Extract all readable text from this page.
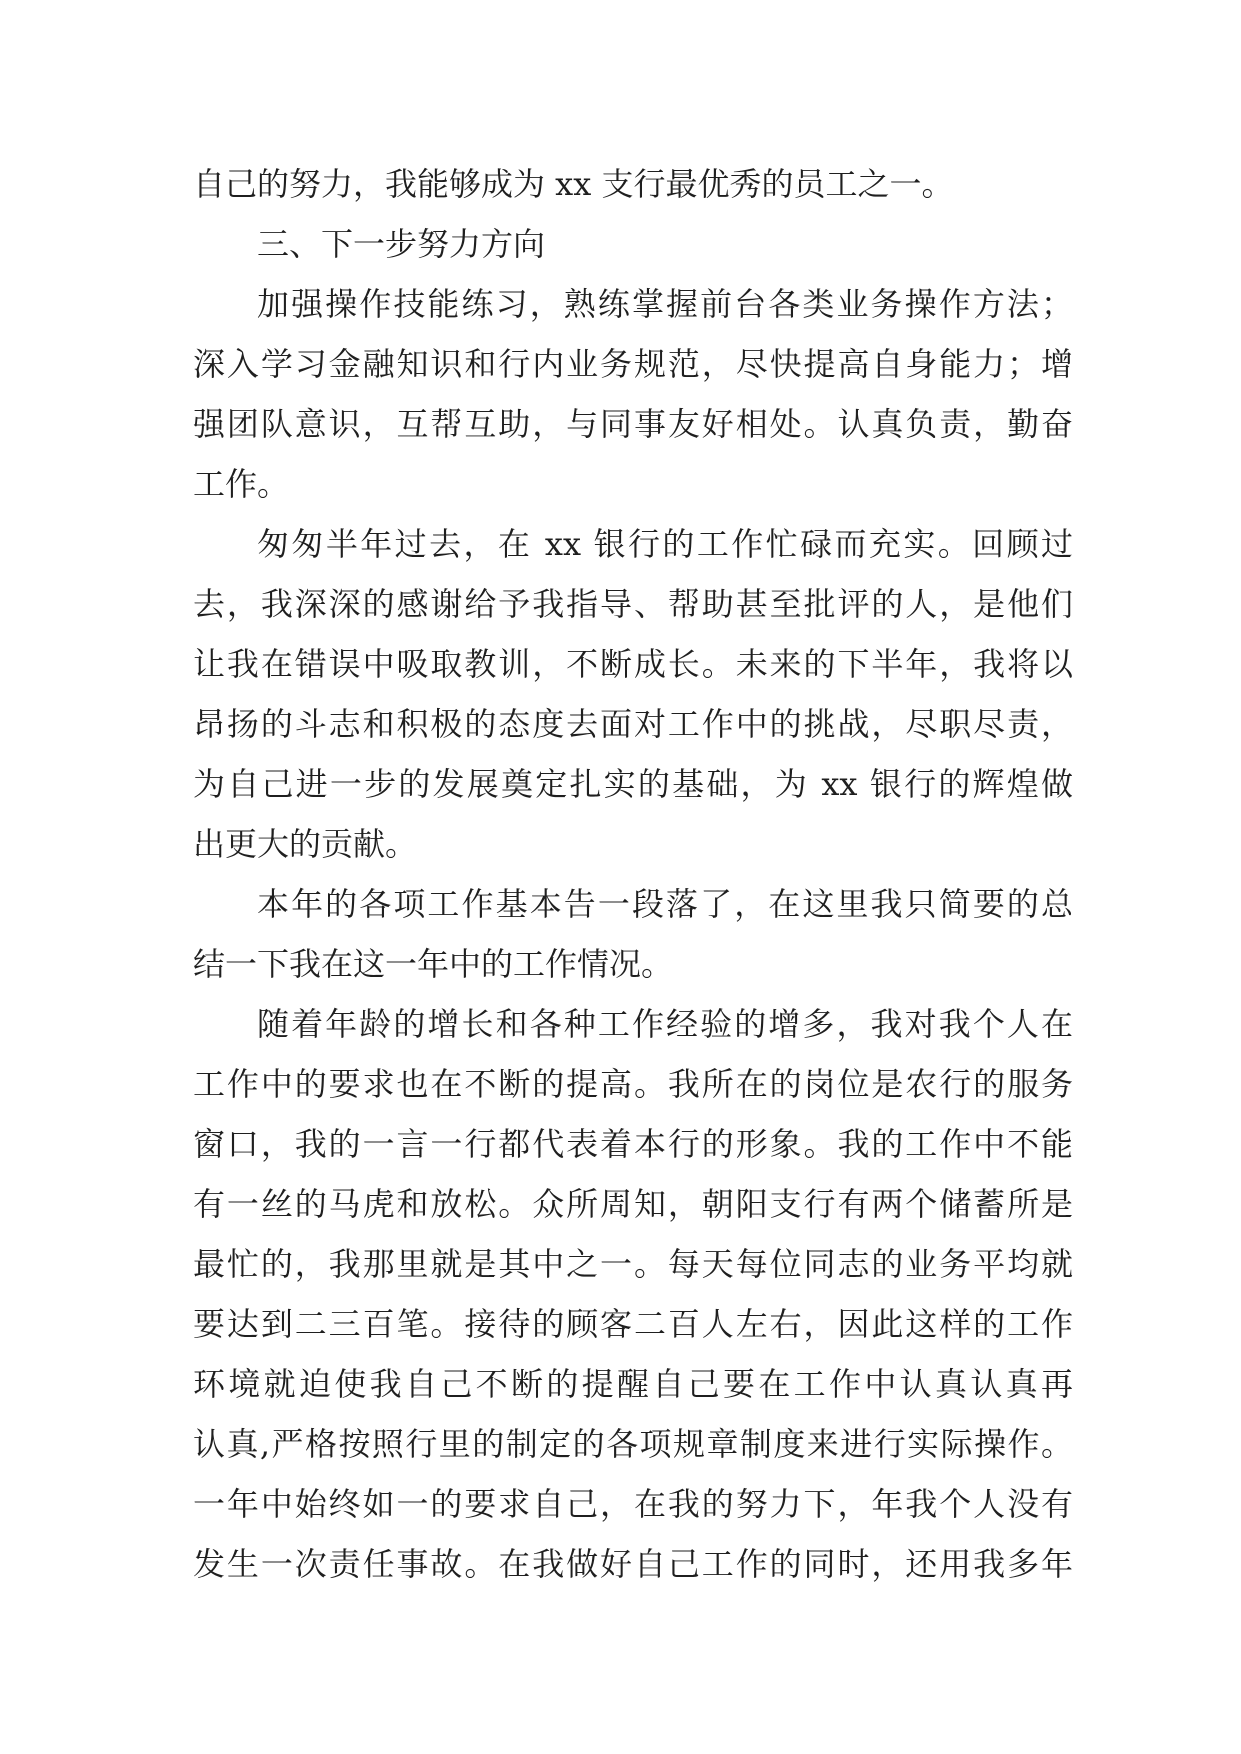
自己的努力，我能够成为 xx 支行最优秀的员工之一。
三、下一步努力方向
加强操作技能练习，熟练掌握前台各类业务操作方法；
深入学习金融知识和行内业务规范，尽快提高自身能力；增
强团队意识，互帮互助，与同事友好相处。认真负责，勤奋
工作。
匆匆半年过去，在 xx 银行的工作忙碌而充实。回顾过
去，我深深的感谢给予我指导、帮助甚至批评的人，是他们
让我在错误中吸取教训，不断成长。未来的下半年，我将以
昂扬的斗志和积极的态度去面对工作中的挑战，尽职尽责，
为自己进一步的发展奠定扎实的基础，为 xx 银行的辉煌做
出更大的贡献。
本年的各项工作基本告一段落了，在这里我只简要的总
结一下我在这一年中的工作情况。
随着年龄的增长和各种工作经验的增多，我对我个人在
工作中的要求也在不断的提高。我所在的岗位是农行的服务
窗口，我的一言一行都代表着本行的形象。我的工作中不能
有一丝的马虎和放松。众所周知，朝阳支行有两个储蓄所是
最忙的，我那里就是其中之一。每天每位同志的业务平均就
要达到二三百笔。接待的顾客二百人左右，因此这样的工作
环境就迫使我自己不断的提醒自己要在工作中认真认真再
认真,严格按照行里的制定的各项规章制度来进行实际操作。
一年中始终如一的要求自己，在我的努力下，年我个人没有
发生一次责任事故。在我做好自己工作的同时，还用我多年
